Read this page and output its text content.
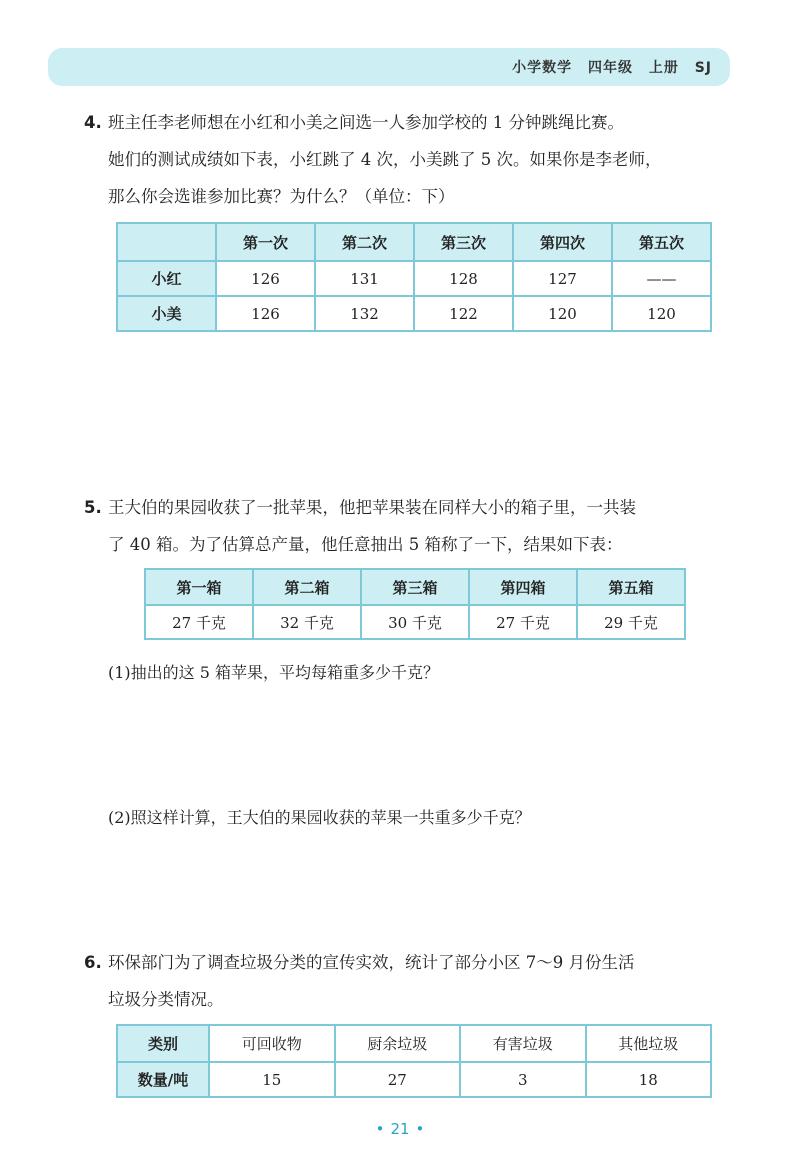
小学数学 四年级 上册 SJ
4. 班主任李老师想在小红和小美之间选一人参加学校的 1 分钟跳绳比赛。
她们的测试成绩如下表，小红跳了 4 次，小美跳了 5 次。如果你是李老师，
那么你会选谁参加比赛？为什么？（单位：下）
	第一次	第二次	第三次	第四次	第五次
小红	126	131	128	127	——
小美	126	132	122	120	120
5. 王大伯的果园收获了一批苹果，他把苹果装在同样大小的箱子里，一共装
了 40 箱。为了估算总产量，他任意抽出 5 箱称了一下，结果如下表：
第一箱	第二箱	第三箱	第四箱	第五箱
27 千克	32 千克	30 千克	27 千克	29 千克
(1)抽出的这 5 箱苹果，平均每箱重多少千克？
(2)照这样计算，王大伯的果园收获的苹果一共重多少千克？
6. 环保部门为了调查垃圾分类的宣传实效，统计了部分小区 7～9 月份生活
垃圾分类情况。
类别	可回收物	厨余垃圾	有害垃圾	其他垃圾
数量/吨	15	27	3	18
• 21 •
